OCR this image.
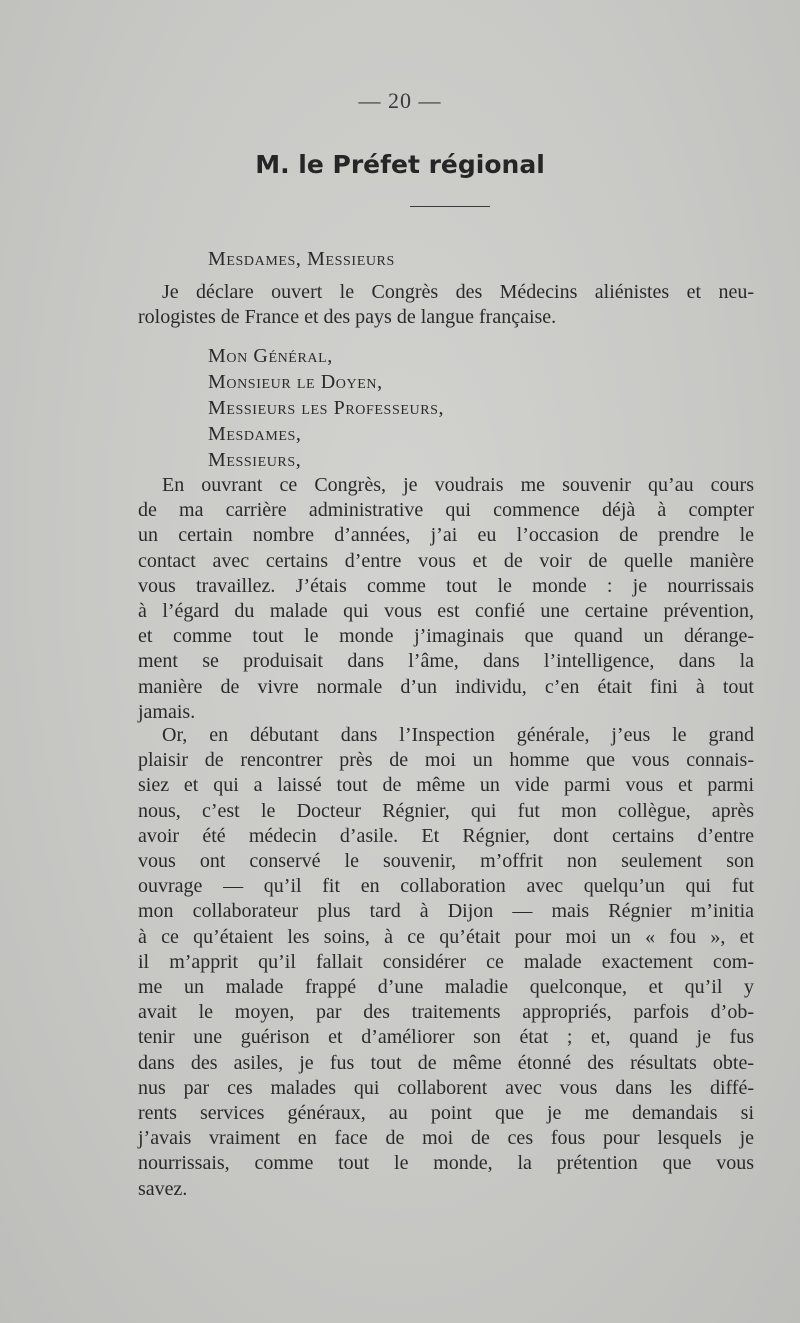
— 20 —
M. le Préfet régional
Mesdames, Messieurs

Je déclare ouvert le Congrès des Médecins aliénistes et neu-
rologistes de France et des pays de langue française.

Mon Général,
Monsieur le Doyen,
Messieurs les Professeurs,
Mesdames,
Messieurs,

En ouvrant ce Congrès, je voudrais me souvenir qu’au cours
de ma carrière administrative qui commence déjà à compter
un certain nombre d’années, j’ai eu l’occasion de prendre le
contact avec certains d’entre vous et de voir de quelle manière
vous travaillez. J’étais comme tout le monde : je nourrissais
à l’égard du malade qui vous est confié une certaine prévention,
et comme tout le monde j’imaginais que quand un dérange-
ment se produisait dans l’âme, dans l’intelligence, dans la
manière de vivre normale d’un individu, c’en était fini à tout
jamais.

Or, en débutant dans l’Inspection générale, j’eus le grand
plaisir de rencontrer près de moi un homme que vous connais-
siez et qui a laissé tout de même un vide parmi vous et parmi
nous, c’est le Docteur Régnier, qui fut mon collègue, après
avoir été médecin d’asile. Et Régnier, dont certains d’entre
vous ont conservé le souvenir, m’offrit non seulement son
ouvrage — qu’il fit en collaboration avec quelqu’un qui fut
mon collaborateur plus tard à Dijon — mais Régnier m’initia
à ce qu’étaient les soins, à ce qu’était pour moi un « fou », et
il m’apprit qu’il fallait considérer ce malade exactement com-
me un malade frappé d’une maladie quelconque, et qu’il y
avait le moyen, par des traitements appropriés, parfois d’ob-
tenir une guérison et d’améliorer son état ; et, quand je fus
dans des asiles, je fus tout de même étonné des résultats obte-
nus par ces malades qui collaborent avec vous dans les diffé-
rents services généraux, au point que je me demandais si
j’avais vraiment en face de moi de ces fous pour lesquels je
nourrissais, comme tout le monde, la prétention que vous
savez.
